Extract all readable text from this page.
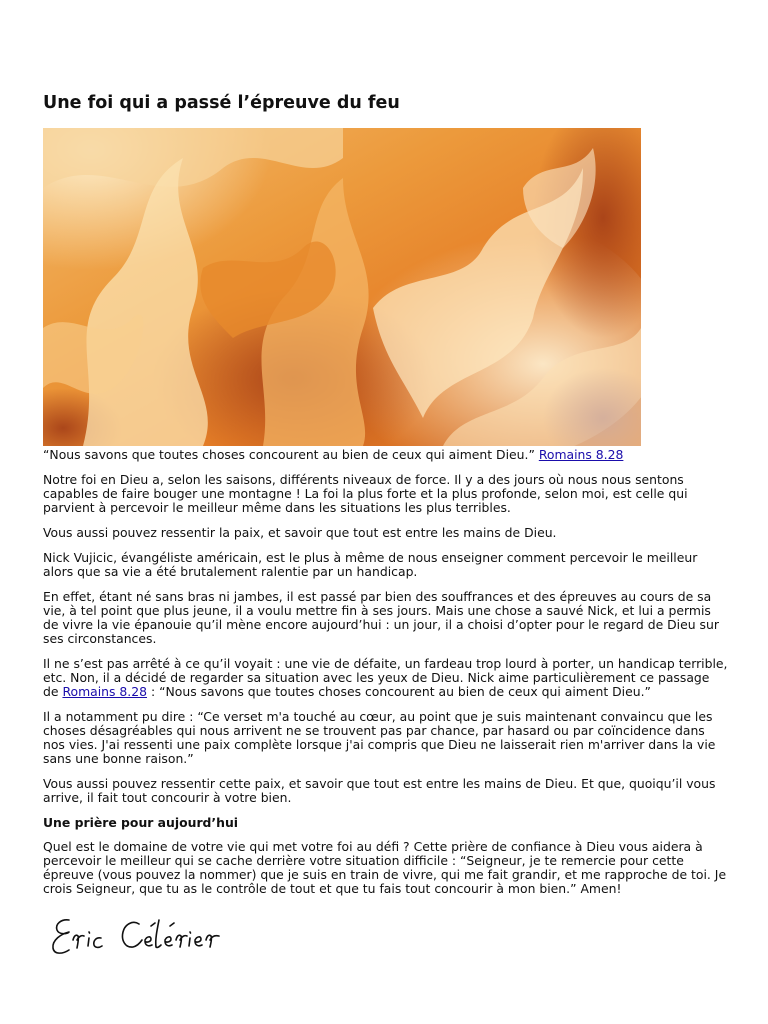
Une foi qui a passé l’épreuve du feu

“Nous savons que toutes choses concourent au bien de ceux qui aiment Dieu.” Romains 8.28

Notre foi en Dieu a, selon les saisons, différents niveaux de force. Il y a des jours où nous nous sentons capables de faire bouger une montagne ! La foi la plus forte et la plus profonde, selon moi, est celle qui parvient à percevoir le meilleur même dans les situations les plus terribles.

Vous aussi pouvez ressentir la paix, et savoir que tout est entre les mains de Dieu.

Nick Vujicic, évangéliste américain, est le plus à même de nous enseigner comment percevoir le meilleur alors que sa vie a été brutalement ralentie par un handicap.

En effet, étant né sans bras ni jambes, il est passé par bien des souffrances et des épreuves au cours de sa vie, à tel point que plus jeune, il a voulu mettre fin à ses jours. Mais une chose a sauvé Nick, et lui a permis de vivre la vie épanouie qu’il mène encore aujourd’hui : un jour, il a choisi d’opter pour le regard de Dieu sur ses circonstances.

Il ne s’est pas arrêté à ce qu’il voyait : une vie de défaite, un fardeau trop lourd à porter, un handicap terrible, etc. Non, il a décidé de regarder sa situation avec les yeux de Dieu. Nick aime particulièrement ce passage de Romains 8.28 : “Nous savons que toutes choses concourent au bien de ceux qui aiment Dieu.”

Il a notamment pu dire : “Ce verset m'a touché au cœur, au point que je suis maintenant convaincu que les choses désagréables qui nous arrivent ne se trouvent pas par chance, par hasard ou par coïncidence dans nos vies. J'ai ressenti une paix complète lorsque j'ai compris que Dieu ne laisserait rien m'arriver dans la vie sans une bonne raison.”

Vous aussi pouvez ressentir cette paix, et savoir que tout est entre les mains de Dieu. Et que, quoiqu’il vous arrive, il fait tout concourir à votre bien.

Une prière pour aujourd’hui

Quel est le domaine de votre vie qui met votre foi au défi ? Cette prière de confiance à Dieu vous aidera à percevoir le meilleur qui se cache derrière votre situation difficile : “Seigneur, je te remercie pour cette épreuve (vous pouvez la nommer) que je suis en train de vivre, qui me fait grandir, et me rapproche de toi. Je crois Seigneur, que tu as le contrôle de tout et que tu fais tout concourir à mon bien.” Amen!
